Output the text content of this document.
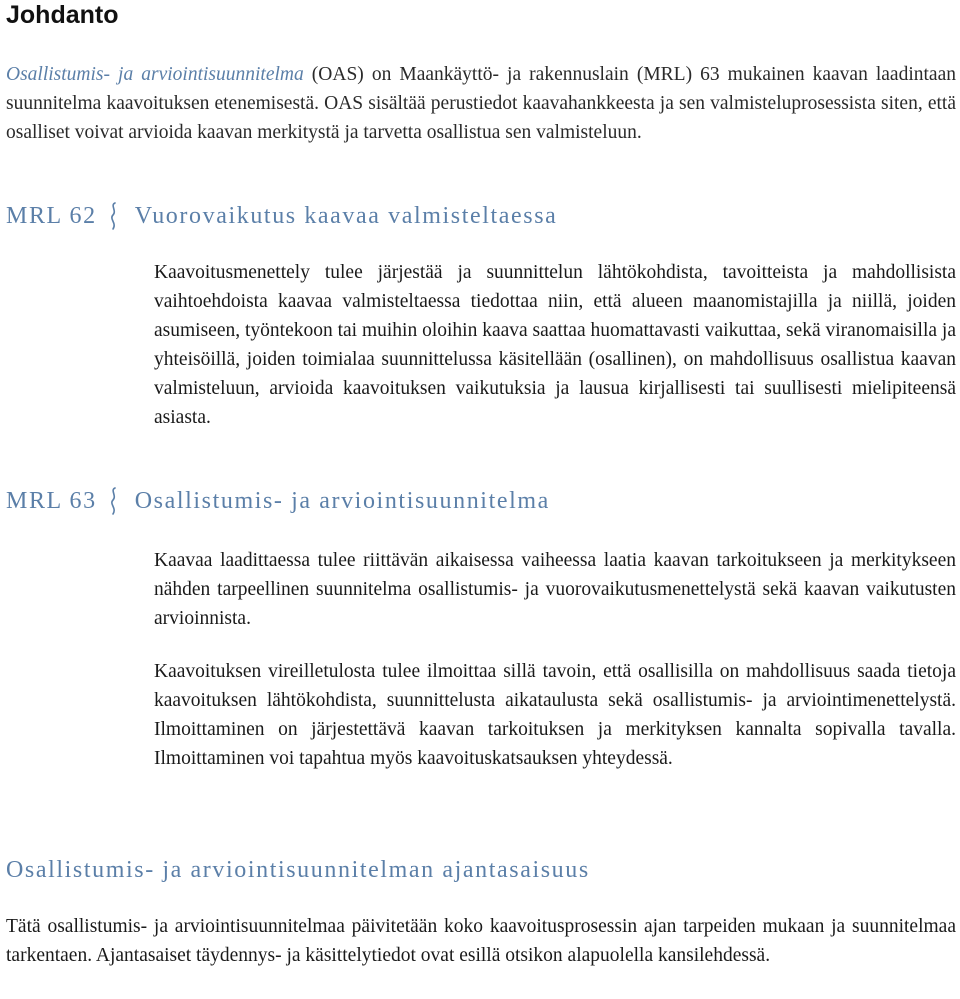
Johdanto

Osallistumis- ja arviointisuunnitelma (OAS) on Maankäyttö- ja rakennuslain (MRL) 63 mukainen kaavan laadintaan suunnitelma kaavoituksen etenemisestä. OAS sisältää perustiedot kaavahankkeesta ja sen valmisteluprosessista siten, että osalliset voivat arvioida kaavan merkitystä ja tarvetta osallistua sen valmisteluun.

MRL 62 Vuorovaikutus kaavaa valmisteltaessa

Kaavoitusmenettely tulee järjestää ja suunnittelun lähtökohdista, tavoitteista ja mahdollisista vaihtoehdoista kaavaa valmisteltaessa tiedottaa niin, että alueen maanomistajilla ja niillä, joiden asumiseen, työntekoon tai muihin oloihin kaava saattaa huomattavasti vaikuttaa, sekä viranomaisilla ja yhteisöillä, joiden toimialaa suunnittelussa käsitellään (osallinen), on mahdollisuus osallistua kaavan valmisteluun, arvioida kaavoituksen vaikutuksia ja lausua kirjallisesti tai suullisesti mielipiteensä asiasta.

MRL 63 Osallistumis- ja arviointisuunnitelma

Kaavaa laadittaessa tulee riittävän aikaisessa vaiheessa laatia kaavan tarkoitukseen ja merkitykseen nähden tarpeellinen suunnitelma osallistumis- ja vuorovaikutusmenettelystä sekä kaavan vaikutusten arvioinnista.

Kaavoituksen vireilletulosta tulee ilmoittaa sillä tavoin, että osallisilla on mahdollisuus saada tietoja kaavoituksen lähtökohdista, suunnittelusta aikataulusta sekä osallistumis- ja arviointimenettelystä. Ilmoittaminen on järjestettävä kaavan tarkoituksen ja merkityksen kannalta sopivalla tavalla. Ilmoittaminen voi tapahtua myös kaavoituskatsauksen yhteydessä.

Osallistumis- ja arviointisuunnitelman ajantasaisuus

Tätä osallistumis- ja arviointisuunnitelmaa päivitetään koko kaavoitusprosessin ajan tarpeiden mukaan ja suunnitelmaa tarkentaen. Ajantasaiset täydennys- ja käsittelytiedot ovat esillä otsikon alapuolella kansilehdessä.
